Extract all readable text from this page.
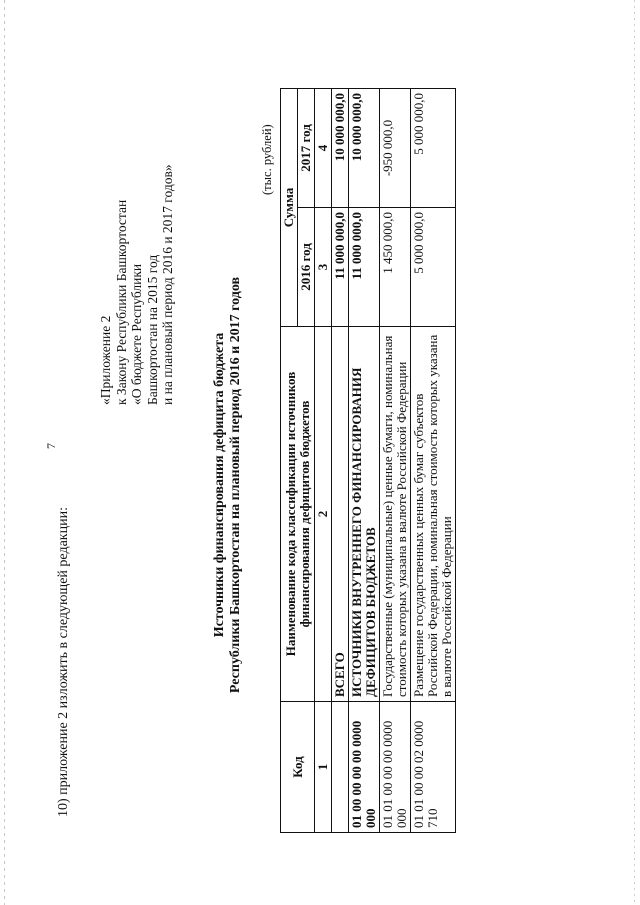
7
10) приложение 2 изложить в следующей редакции:
«Приложение 2 к Закону Республики Башкортостан «О бюджете Республики Башкортостан на 2015 год и на плановый период 2016 и 2017 годов»
Источники финансирования дефицита бюджета Республики Башкортостан на плановый период 2016 и 2017 годов
(тыс. рублей)
Код	Наименование кода классификации источников финансирования дефицитов бюджетов	Сумма	
		2016 год	2017 год
1	2	3	4
	ВСЕГО	11 000 000,0	10 000 000,0
01 00 00 00 00 0000 000	ИСТОЧНИКИ ВНУТРЕННЕГО ФИНАНСИРОВАНИЯ ДЕФИЦИТОВ БЮДЖЕТОВ	11 000 000,0	10 000 000,0
01 01 00 00 00 0000 000	Государственные (муниципальные) ценные бумаги, номинальная стоимость которых указана в валюте Российской Федерации	1 450 000,0	-950 000,0
01 01 00 00 02 0000 710	Размещение государственных ценных бумаг субъектов Российской Федерации, номинальная стоимость которых указана в валюте Российской Федерации	5 000 000,0	5 000 000,0
